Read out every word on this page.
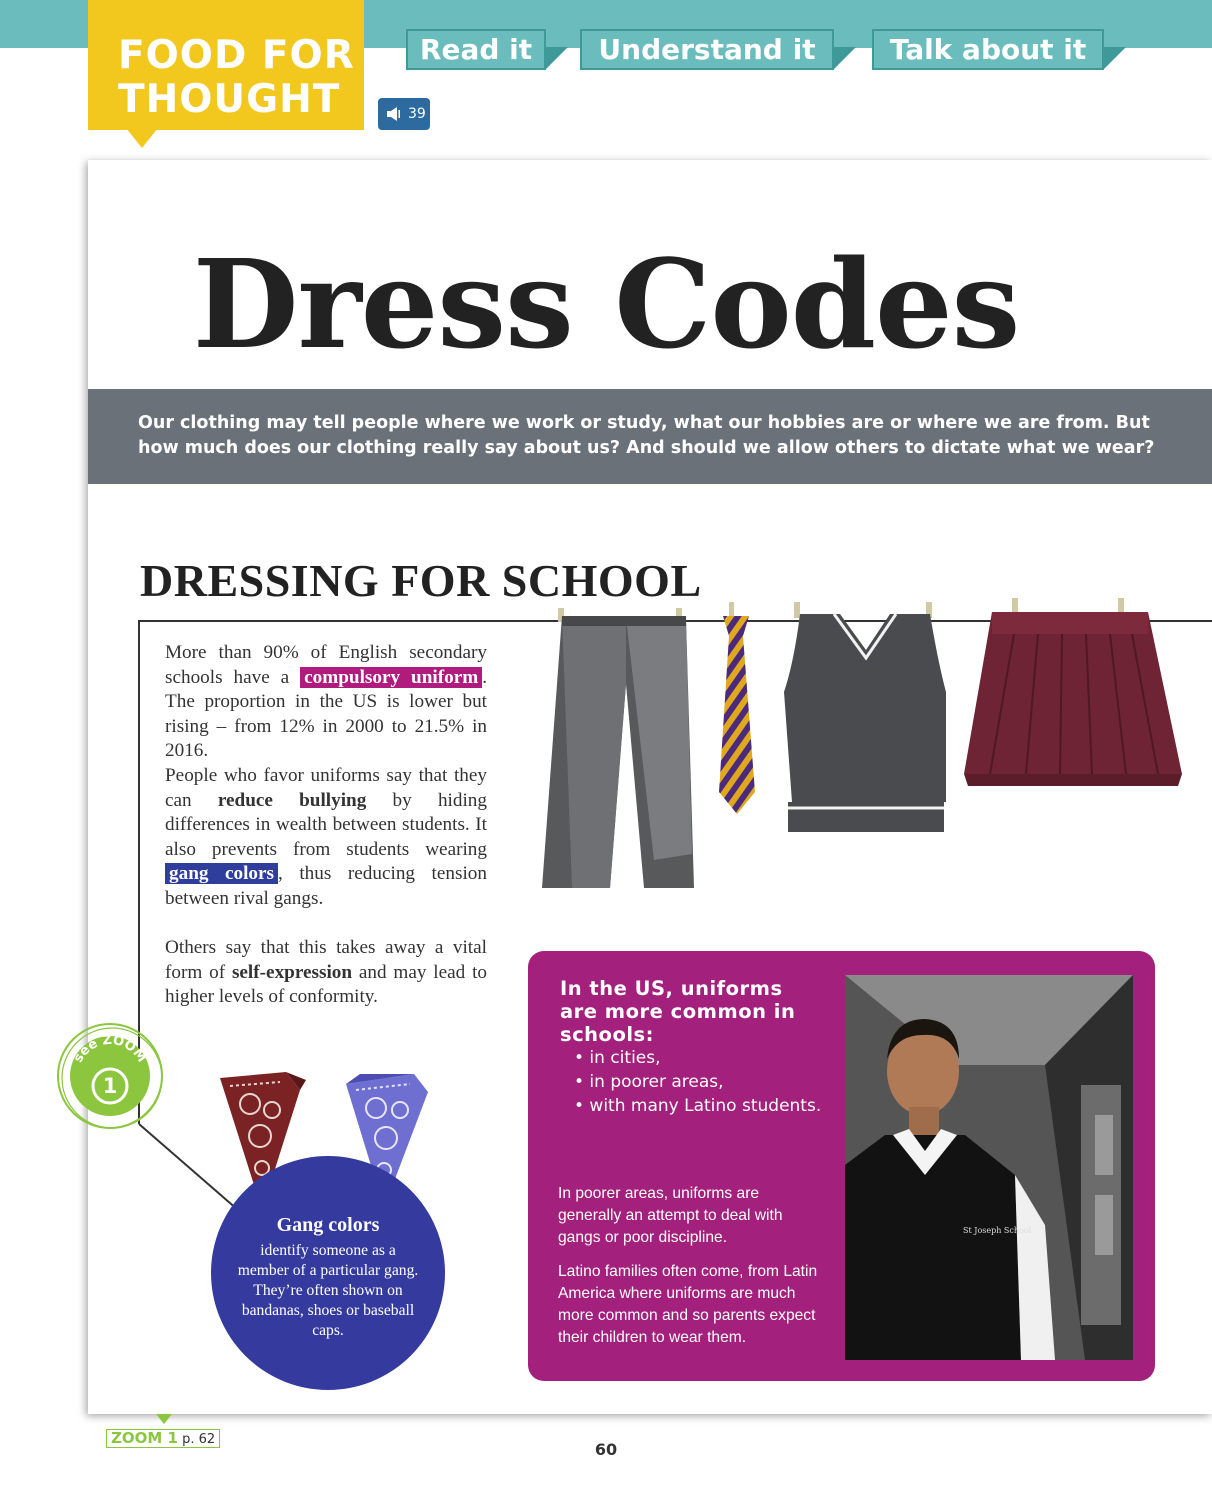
FOOD FOR
THOUGHT
Read it	Understand it	Talk about it
39
Dress Codes
Our clothing may tell people where we work or study, what our hobbies are or where we are from. But how much does our clothing really say about us? And should we allow others to dictate what we wear?
DRESSING FOR SCHOOL
More than 90% of English secondary schools have a compulsory uniform . The proportion in the US is lower but rising – from 12% in 2000 to 21.5% in 2016.
People who favor uniforms say that they can reduce bullying by hiding differences in wealth between students. It also prevents from students wearing gang colors , thus reducing tension between rival gangs.
Others say that this takes away a vital form of self-expression and may lead to higher levels of conformity.
see ZOOM
1
Gang colors
identify someone as a member of a particular gang. They’re often shown on bandanas, shoes or baseball caps.
In the US, uniforms are more common in schools:
• in cities,
• in poorer areas,
• with many Latino students.
In poorer areas, uniforms are generally an attempt to deal with gangs or poor discipline.
Latino families often come, from Latin America where uniforms are much more common and so parents expect their children to wear them.
St Joseph School
ZOOM 1 p. 62
60
